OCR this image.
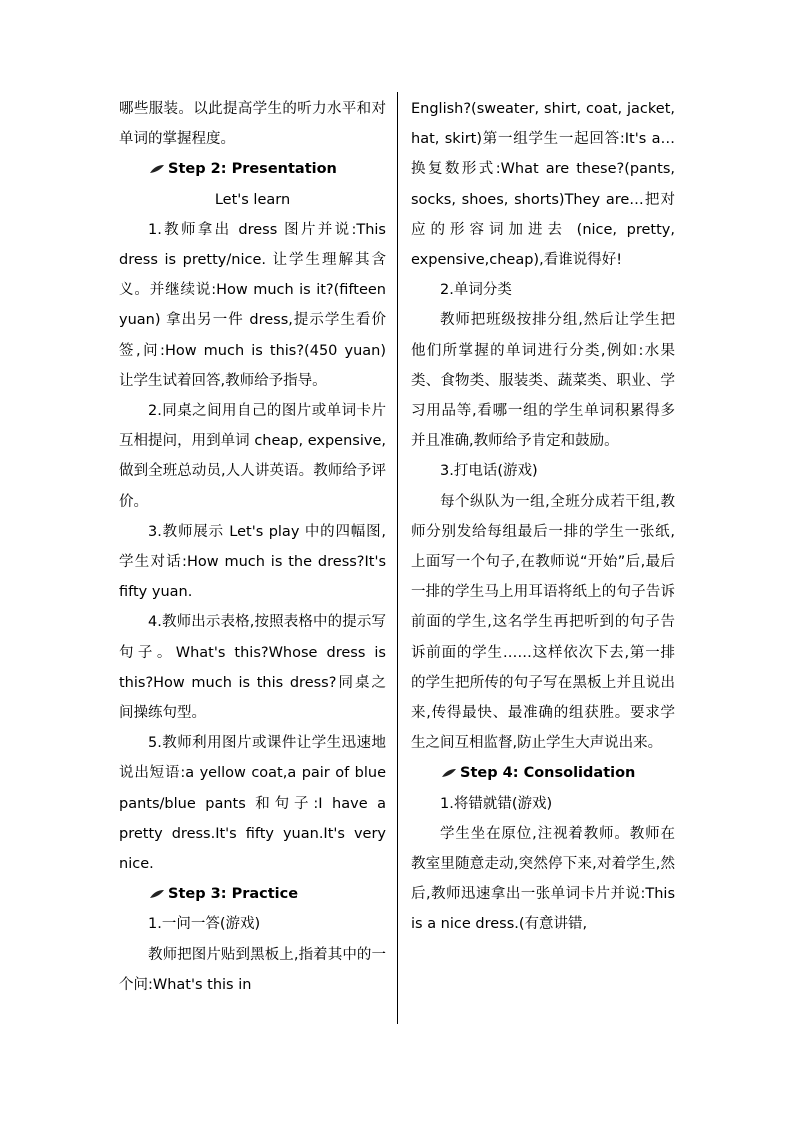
哪些服装。以此提高学生的听力水平和对单词的掌握程度。

Step 2: Presentation

Let's learn

1.教师拿出 dress 图片并说:This dress is pretty/nice. 让学生理解其含义。并继续说:How much is it?(fifteen yuan) 拿出另一件 dress,提示学生看价签,问:How much is this?(450 yuan) 让学生试着回答,教师给予指导。

2.同桌之间用自己的图片或单词卡片互相提问，用到单词 cheap, expensive,做到全班总动员,人人讲英语。教师给予评价。

3.教师展示 Let's play 中的四幅图,学生对话:How much is the dress?It's fifty yuan.

4.教师出示表格,按照表格中的提示写句子。What's this?Whose dress is this?How much is this dress?同桌之间操练句型。

5.教师利用图片或课件让学生迅速地说出短语:a yellow coat,a pair of blue pants/blue pants 和句子:I have a pretty dress.It's fifty yuan.It's very nice.

Step 3: Practice

1.一问一答(游戏)

教师把图片贴到黑板上,指着其中的一个问:What's this in

English?(sweater, shirt, coat, jacket, hat, skirt)第一组学生一起回答:It's a…换复数形式:What are these?(pants, socks, shoes, shorts)They are…把对应的形容词加进去 (nice, pretty, expensive,cheap),看谁说得好!

2.单词分类

教师把班级按排分组,然后让学生把他们所掌握的单词进行分类,例如:水果类、食物类、服装类、蔬菜类、职业、学习用品等,看哪一组的学生单词积累得多并且准确,教师给予肯定和鼓励。

3.打电话(游戏)

每个纵队为一组,全班分成若干组,教师分别发给每组最后一排的学生一张纸,上面写一个句子,在教师说“开始”后,最后一排的学生马上用耳语将纸上的句子告诉前面的学生,这名学生再把听到的句子告诉前面的学生……这样依次下去,第一排的学生把所传的句子写在黑板上并且说出来,传得最快、最准确的组获胜。要求学生之间互相监督,防止学生大声说出来。

Step 4: Consolidation

1.将错就错(游戏)

学生坐在原位,注视着教师。教师在教室里随意走动,突然停下来,对着学生,然后,教师迅速拿出一张单词卡片并说:This is a nice dress.(有意讲错,
